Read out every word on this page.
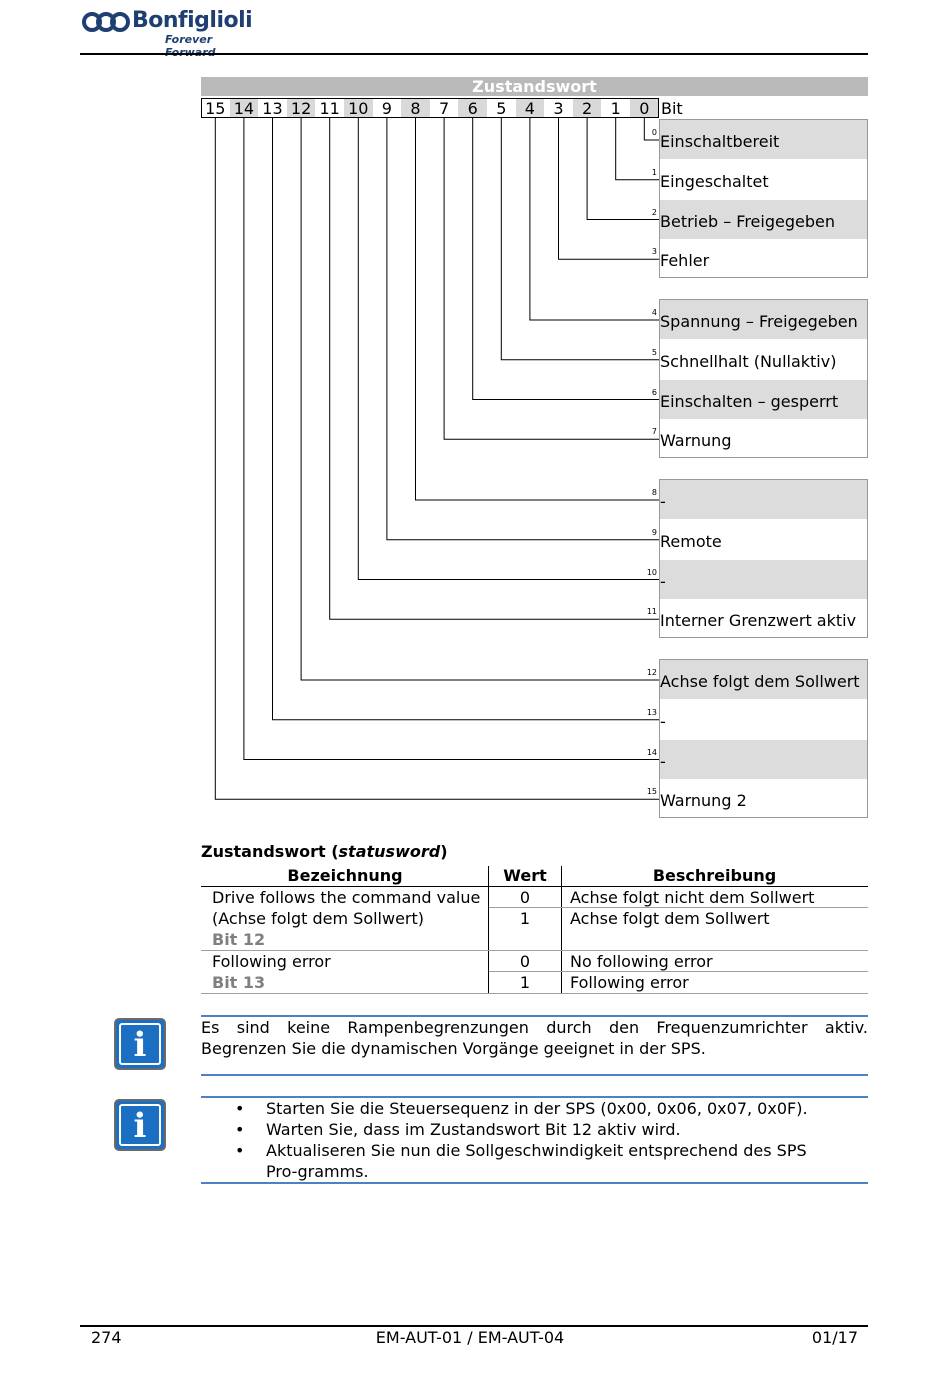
Bonfiglioli
Forever Forward
Zustandswort
15 14 13 12 11 10 9	8	7	6	5	4	3	2	1	0 Bit
Einschaltbereit
0
Eingeschaltet
1
Betrieb – Freigegeben
2
Fehler
3
Spannung – Freigegeben
4
Schnellhalt (Nullaktiv)
5
Einschalten – gesperrt
6
Warnung
7
-
8
Remote
9
-
10
Interner Grenzwert aktiv
11
Achse folgt dem Sollwert
12
-
13
-
14
Warnung 2
15
Zustandswort (statusword)
Bezeichnung	Wert	Beschreibung
Drive follows the command value
(Achse folgt dem Sollwert)
Bit 12
0	Achse folgt nicht dem Sollwert
1	Achse folgt dem Sollwert
Following error
Bit 13
0	No following error
1	Following error
i	Es sind keine Rampenbegrenzungen durch den Frequenzumrichter aktiv. Begrenzen Sie die dynamischen Vorgänge geeignet in der SPS.
i	• Starten Sie die Steuersequenz in der SPS (0x00, 0x06, 0x07, 0x0F).
• Warten Sie, dass im Zustandswort Bit 12 aktiv wird.
• Aktualiseren Sie nun die Sollgeschwindigkeit entsprechend des SPS Pro-gramms.
274	EM-AUT-01 / EM-AUT-04	01/17
